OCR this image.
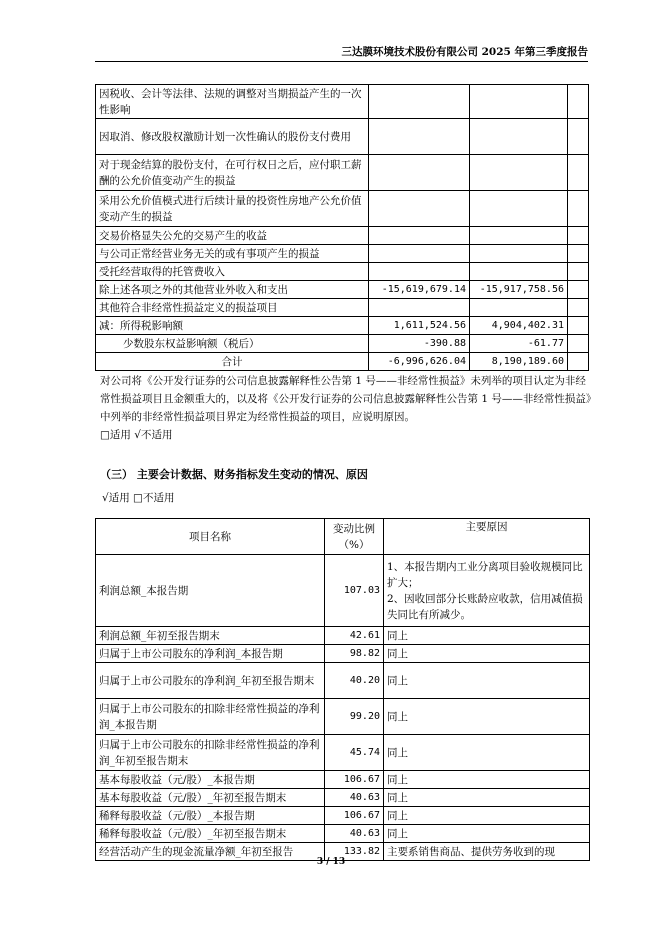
三达膜环境技术股份有限公司 2025 年第三季度报告
因税收、会计等法律、法规的调整对当期损益产生的一次性影响			
因取消、修改股权激励计划一次性确认的股份支付费用			
对于现金结算的股份支付，在可行权日之后，应付职工薪酬的公允价值变动产生的损益			
采用公允价值模式进行后续计量的投资性房地产公允价值变动产生的损益			
交易价格显失公允的交易产生的收益			
与公司正常经营业务无关的或有事项产生的损益			
受托经营取得的托管费收入			
除上述各项之外的其他营业外收入和支出	-15,619,679.14	-15,917,758.56	
其他符合非经常性损益定义的损益项目			
减：所得税影响额	1,611,524.56	4,904,402.31	
少数股东权益影响额（税后）	-390.88	-61.77	
合计	-6,996,626.04	8,190,189.60	

对公司将《公开发行证券的公司信息披露解释性公告第 1 号——非经常性损益》未列举的项目认定为非经常性损益项目且金额重大的，以及将《公开发行证券的公司信息披露解释性公告第 1 号——非经常性损益》中列举的非经常性损益项目界定为经常性损益的项目，应说明原因。

□适用 √不适用

（三） 主要会计数据、财务指标发生变动的情况、原因
√适用 □不适用
项目名称	变动比例（%）	主要原因
利润总额_本报告期	107.03	1、本报告期内工业分离项目验收规模同比扩大；
2、因收回部分长账龄应收款，信用减值损失同比有所减少。
利润总额_年初至报告期末	42.61	同上
归属于上市公司股东的净利润_本报告期	98.82	同上
归属于上市公司股东的净利润_年初至报告期末	40.20	同上
归属于上市公司股东的扣除非经常性损益的净利润_本报告期	99.20	同上
归属于上市公司股东的扣除非经常性损益的净利润_年初至报告期末	45.74	同上
基本每股收益（元/股）_本报告期	106.67	同上
基本每股收益（元/股）_年初至报告期末	40.63	同上
稀释每股收益（元/股）_本报告期	106.67	同上
稀释每股收益（元/股）_年初至报告期末	40.63	同上
经营活动产生的现金流量净额_年初至报告	133.82	主要系销售商品、提供劳务收到的现
3 / 13
